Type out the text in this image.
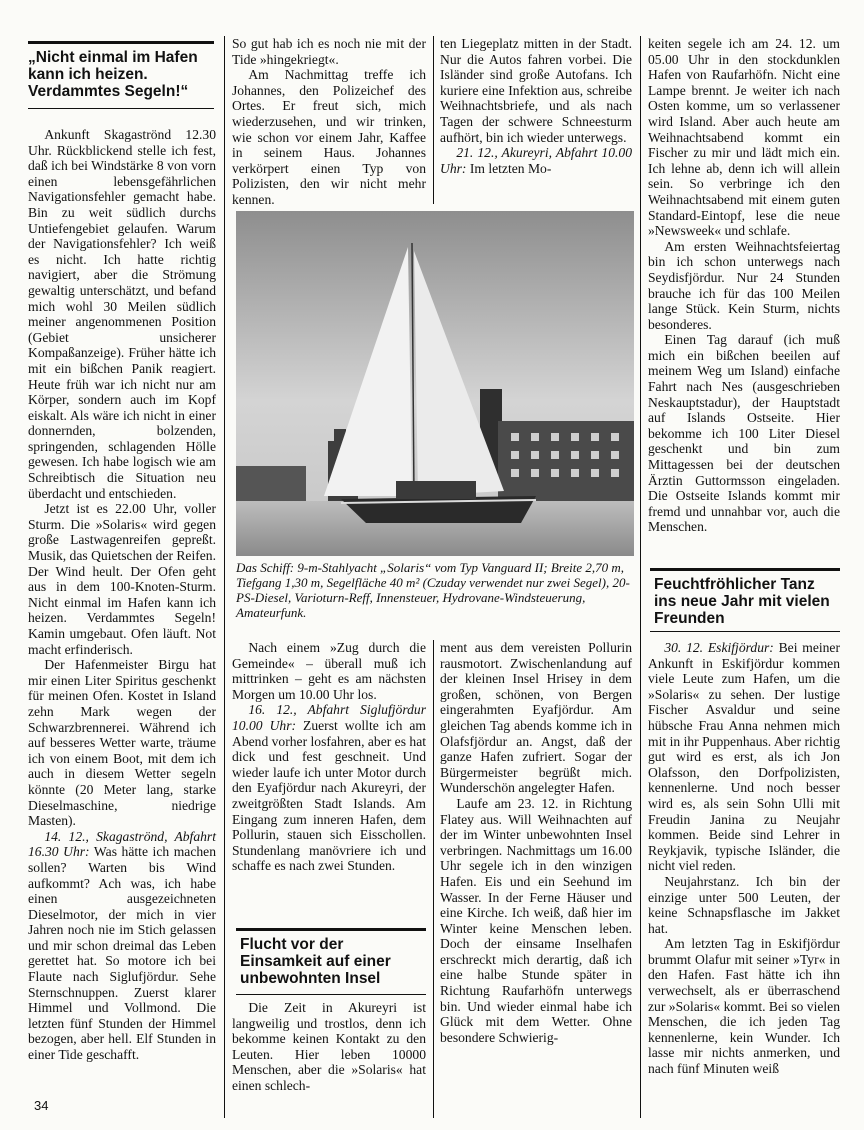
„Nicht einmal im Hafen kann ich heizen. Verdammtes Segeln!“

Ankunft Skagaströnd 12.30 Uhr. Rückblickend stelle ich fest, daß ich bei Windstärke 8 von vorn einen lebensgefährlichen Navigationsfehler gemacht habe. Bin zu weit südlich durchs Untiefengebiet gelaufen. Warum der Navigationsfehler? Ich weiß es nicht. Ich hatte richtig navigiert, aber die Strömung gewaltig unterschätzt, und befand mich wohl 30 Meilen südlich meiner angenommenen Position (Gebiet unsicherer Kompaßanzeige). Früher hätte ich mit ein bißchen Panik reagiert. Heute früh war ich nicht nur am Körper, sondern auch im Kopf eiskalt. Als wäre ich nicht in einer donnernden, bolzenden, springenden, schlagenden Hölle gewesen. Ich habe logisch wie am Schreibtisch die Situation neu überdacht und entschieden.

Jetzt ist es 22.00 Uhr, voller Sturm. Die »Solaris« wird gegen große Lastwagenreifen gepreßt. Musik, das Quietschen der Reifen. Der Wind heult. Der Ofen geht aus in dem 100-Knoten-Sturm. Nicht einmal im Hafen kann ich heizen. Verdammtes Segeln! Kamin umgebaut. Ofen läuft. Not macht erfinderisch.

Der Hafenmeister Birgu hat mir einen Liter Spiritus geschenkt für meinen Ofen. Kostet in Island zehn Mark wegen der Schwarzbrennerei. Während ich auf besseres Wetter warte, träume ich von einem Boot, mit dem ich auch in diesem Wetter segeln könnte (20 Meter lang, starke Dieselmaschine, niedrige Masten).

14. 12., Skagaströnd, Abfahrt 16.30 Uhr: Was hätte ich machen sollen? Warten bis Wind aufkommt? Ach was, ich habe einen ausgezeichneten Dieselmotor, der mich in vier Jahren noch nie im Stich gelassen und mir schon dreimal das Leben gerettet hat. So motore ich bei Flaute nach Siglufjördur. Sehe Sternschnuppen. Zuerst klarer Himmel und Vollmond. Die letzten fünf Stunden der Himmel bezogen, aber hell. Elf Stunden in einer Tide geschafft.

So gut hab ich es noch nie mit der Tide »hingekriegt«.

Am Nachmittag treffe ich Johannes, den Polizeichef des Ortes. Er freut sich, mich wiederzusehen, und wir trinken, wie schon vor einem Jahr, Kaffee in seinem Haus. Johannes verkörpert einen Typ von Polizisten, den wir nicht mehr kennen.

ten Liegeplatz mitten in der Stadt. Nur die Autos fahren vorbei. Die Isländer sind große Autofans. Ich kuriere eine Infektion aus, schreibe Weihnachtsbriefe, und als nach Tagen der schwere Schneesturm aufhört, bin ich wieder unterwegs.

21. 12., Akureyri, Abfahrt 10.00 Uhr: Im letzten Mo-

keiten segele ich am 24. 12. um 05.00 Uhr in den stockdunklen Hafen von Raufarhöfn. Nicht eine Lampe brennt. Je weiter ich nach Osten komme, um so verlassener wird Island. Aber auch heute am Weihnachtsabend kommt ein Fischer zu mir und lädt mich ein. Ich lehne ab, denn ich will allein sein. So verbringe ich den Weihnachtsabend mit einem guten Standard-Eintopf, lese die neue »Newsweek« und schlafe.

Am ersten Weihnachtsfeiertag bin ich schon unterwegs nach Seydisfjördur. Nur 24 Stunden brauche ich für das 100 Meilen lange Stück. Kein Sturm, nichts besonderes.

Einen Tag darauf (ich muß mich ein bißchen beeilen auf meinem Weg um Island) einfache Fahrt nach Nes (ausgeschrieben Neskauptstadur), der Hauptstadt auf Islands Ostseite. Hier bekomme ich 100 Liter Diesel geschenkt und bin zum Mittagessen bei der deutschen Ärztin Guttormsson eingeladen. Die Ostseite Islands kommt mir fremd und unnahbar vor, auch die Menschen.

Das Schiff: 9-m-Stahlyacht „Solaris“ vom Typ Vanguard II; Breite 2,70 m, Tiefgang 1,30 m, Segelfläche 40 m² (Czuday verwendet nur zwei Segel), 20-PS-Diesel, Varioturn-Reff, Innensteuer, Hydrovane-Windsteuerung, Amateurfunk.

Nach einem »Zug durch die Gemeinde« – überall muß ich mittrinken – geht es am nächsten Morgen um 10.00 Uhr los.

16. 12., Abfahrt Siglufjördur 10.00 Uhr: Zuerst wollte ich am Abend vorher losfahren, aber es hat dick und fest geschneit. Und wieder laufe ich unter Motor durch den Eyafjördur nach Akureyri, der zweitgrößten Stadt Islands. Am Eingang zum inneren Hafen, dem Pollurin, stauen sich Eisschollen. Stundenlang manövriere ich und schaffe es nach zwei Stunden.

Flucht vor der Einsamkeit auf einer unbewohnten Insel

Die Zeit in Akureyri ist langweilig und trostlos, denn ich bekomme keinen Kontakt zu den Leuten. Hier leben 10000 Menschen, aber die »Solaris« hat einen schlech-

ment aus dem vereisten Pollurin rausmotort. Zwischenlandung auf der kleinen Insel Hrisey in dem großen, schönen, von Bergen eingerahmten Eyafjördur. Am gleichen Tag abends komme ich in Olafsfjördur an. Angst, daß der ganze Hafen zufriert. Sogar der Bürgermeister begrüßt mich. Wunderschön angelegter Hafen.

Laufe am 23. 12. in Richtung Flatey aus. Will Weihnachten auf der im Winter unbewohnten Insel verbringen. Nachmittags um 16.00 Uhr segele ich in den winzigen Hafen. Eis und ein Seehund im Wasser. In der Ferne Häuser und eine Kirche. Ich weiß, daß hier im Winter keine Menschen leben. Doch der einsame Inselhafen erschreckt mich derartig, daß ich eine halbe Stunde später in Richtung Raufarhöfn unterwegs bin. Und wieder einmal habe ich Glück mit dem Wetter. Ohne besondere Schwierig-

Feuchtfröhlicher Tanz ins neue Jahr mit vielen Freunden

30. 12. Eskifjördur: Bei meiner Ankunft in Eskifjördur kommen viele Leute zum Hafen, um die »Solaris« zu sehen. Der lustige Fischer Asvaldur und seine hübsche Frau Anna nehmen mich mit in ihr Puppenhaus. Aber richtig gut wird es erst, als ich Jon Olafsson, den Dorfpolizisten, kennenlerne. Und noch besser wird es, als sein Sohn Ulli mit Freudin Janina zu Neujahr kommen. Beide sind Lehrer in Reykjavik, typische Isländer, die nicht viel reden.

Neujahrstanz. Ich bin der einzige unter 500 Leuten, der keine Schnapsflasche im Jakket hat.

Am letzten Tag in Eskifjördur brummt Olafur mit seiner »Tyr« in den Hafen. Fast hätte ich ihn verwechselt, als er überraschend zur »Solaris« kommt. Bei so vielen Menschen, die ich jeden Tag kennenlerne, kein Wunder. Ich lasse mir nichts anmerken, und nach fünf Minuten weiß

34
